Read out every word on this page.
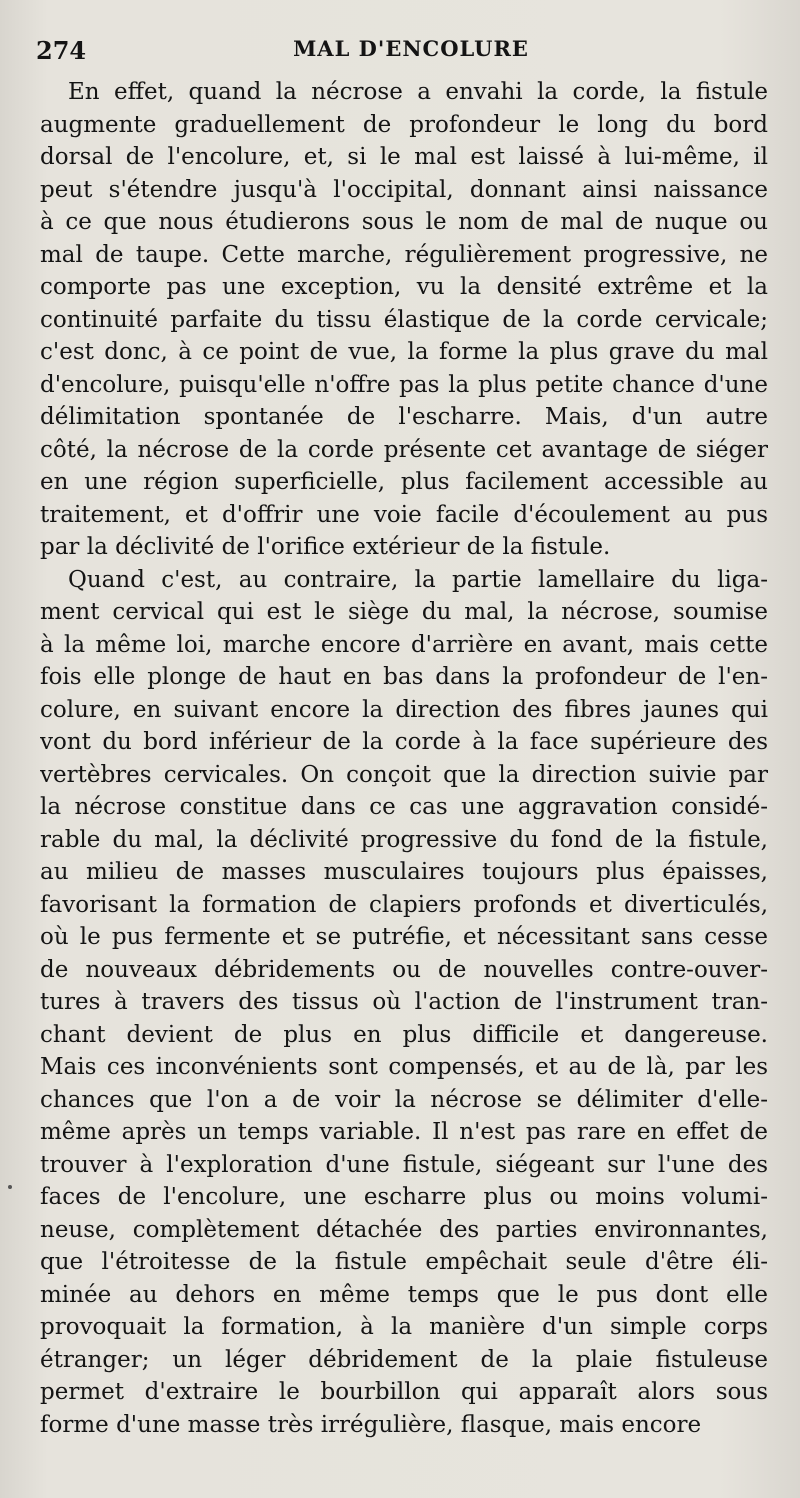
274	MAL D'ENCOLURE
En effet, quand la nécrose a envahi la corde, la fistule
augmente graduellement de profondeur le long du bord
dorsal de l'encolure, et, si le mal est laissé à lui-même, il
peut s'étendre jusqu'à l'occipital, donnant ainsi naissance
à ce que nous étudierons sous le nom de mal de nuque ou
mal de taupe. Cette marche, régulièrement progressive, ne
comporte pas une exception, vu la densité extrême et la
continuité parfaite du tissu élastique de la corde cervicale;
c'est donc, à ce point de vue, la forme la plus grave du mal
d'encolure, puisqu'elle n'offre pas la plus petite chance d'une
délimitation spontanée de l'escharre. Mais, d'un autre
côté, la nécrose de la corde présente cet avantage de siéger
en une région superficielle, plus facilement accessible au
traitement, et d'offrir une voie facile d'écoulement au pus
par la déclivité de l'orifice extérieur de la fistule.
Quand c'est, au contraire, la partie lamellaire du liga-
ment cervical qui est le siège du mal, la nécrose, soumise
à la même loi, marche encore d'arrière en avant, mais cette
fois elle plonge de haut en bas dans la profondeur de l'en-
colure, en suivant encore la direction des fibres jaunes qui
vont du bord inférieur de la corde à la face supérieure des
vertèbres cervicales. On conçoit que la direction suivie par
la nécrose constitue dans ce cas une aggravation considé-
rable du mal, la déclivité progressive du fond de la fistule,
au milieu de masses musculaires toujours plus épaisses,
favorisant la formation de clapiers profonds et diverticulés,
où le pus fermente et se putréfie, et nécessitant sans cesse
de nouveaux débridements ou de nouvelles contre-ouver-
tures à travers des tissus où l'action de l'instrument tran-
chant devient de plus en plus difficile et dangereuse.
Mais ces inconvénients sont compensés, et au de là, par les
chances que l'on a de voir la nécrose se délimiter d'elle-
même après un temps variable. Il n'est pas rare en effet de
trouver à l'exploration d'une fistule, siégeant sur l'une des
faces de l'encolure, une escharre plus ou moins volumi-
neuse, complètement détachée des parties environnantes,
que l'étroitesse de la fistule empêchait seule d'être éli-
minée au dehors en même temps que le pus dont elle
provoquait la formation, à la manière d'un simple corps
étranger; un léger débridement de la plaie fistuleuse
permet d'extraire le bourbillon qui apparaît alors sous
forme d'une masse très irrégulière, flasque, mais encore
